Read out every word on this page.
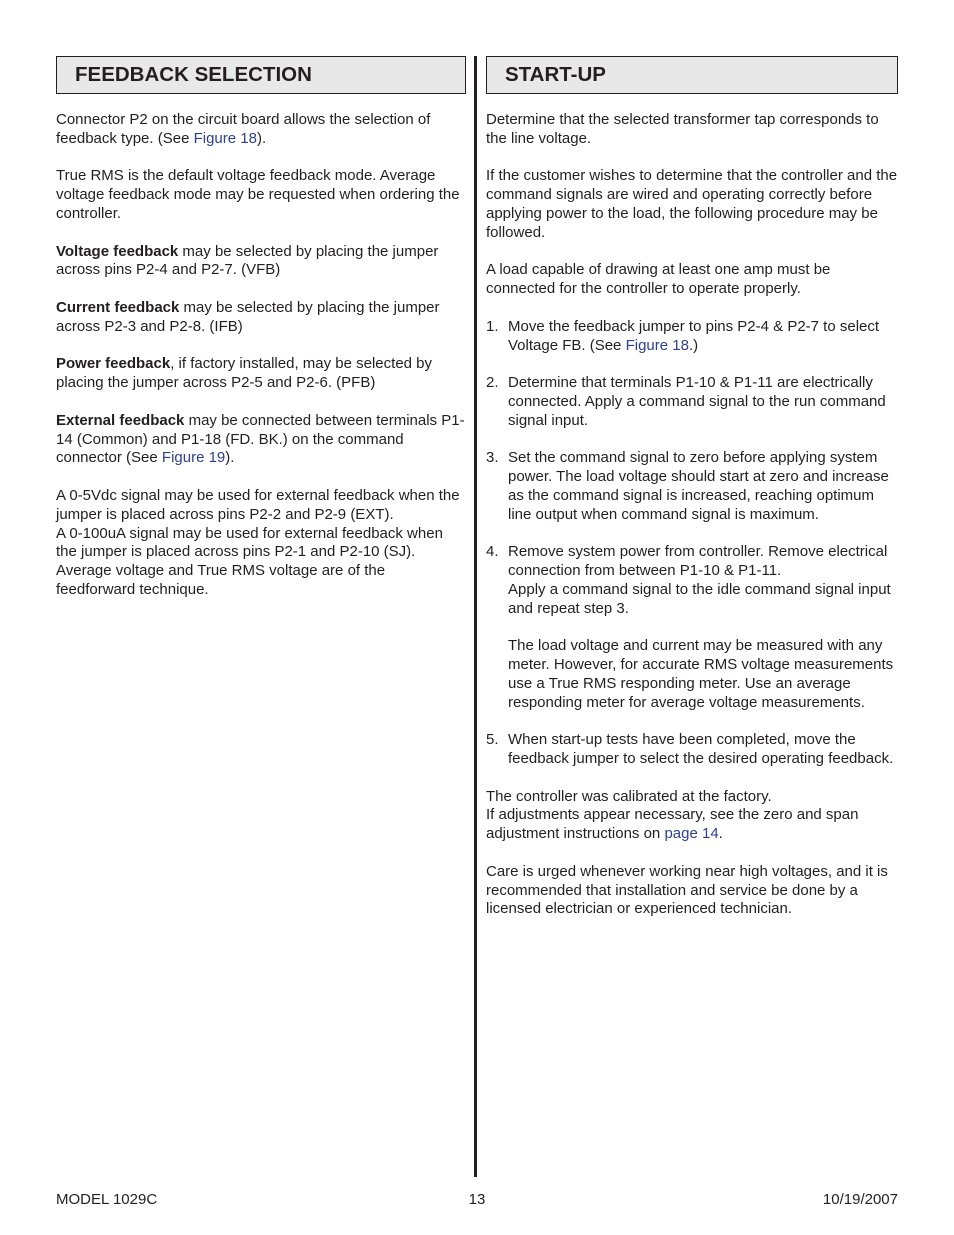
FEEDBACK SELECTION

Connector P2 on the circuit board allows the selection of feedback type. (See Figure 18).

True RMS is the default voltage feedback mode. Average voltage feedback mode may be requested when ordering the controller.

Voltage feedback may be selected by placing the jumper across pins P2-4 and P2-7. (VFB)

Current feedback may be selected by placing the jumper across P2-3 and P2-8. (IFB)

Power feedback, if factory installed, may be selected by placing the jumper across P2-5 and P2-6. (PFB)

External feedback may be connected between terminals P1-14 (Common) and P1-18 (FD. BK.) on the command connector (See Figure 19).

A 0-5Vdc signal may be used for external feedback when the jumper is placed across pins P2-2 and P2-9 (EXT).

A 0-100uA signal may be used for external feedback when the jumper is placed across pins P2-1 and P2-10 (SJ).

Average voltage and True RMS voltage are of the feedforward technique.

START-UP

Determine that the selected transformer tap corresponds to the line voltage.

If the customer wishes to determine that the controller and the command signals are wired and operating correctly before applying power to the load, the following procedure may be followed.

A load capable of drawing at least one amp must be connected for the controller to operate properly.

1. Move the feedback jumper to pins P2-4 & P2-7 to select Voltage FB. (See Figure 18.)
2. Determine that terminals P1-10 & P1-11 are electrically connected. Apply a command signal to the run command signal input.
3. Set the command signal to zero before applying system power. The load voltage should start at zero and increase as the command signal is increased, reaching optimum line output when command signal is maximum.
4. Remove system power from controller. Remove electrical connection from between P1-10 & P1-11.
Apply a command signal to the idle command signal input and repeat step 3.
The load voltage and current may be measured with any meter. However, for accurate RMS voltage measurements use a True RMS responding meter. Use an average responding meter for average voltage measurements.
5. When start-up tests have been completed, move the feedback jumper to select the desired operating feedback.

The controller was calibrated at the factory.

If adjustments appear necessary, see the zero and span adjustment instructions on page 14.

Care is urged whenever working near high voltages, and it is recommended that installation and service be done by a licensed electrician or experienced technician.

13
MODEL 1029C	10/19/2007
